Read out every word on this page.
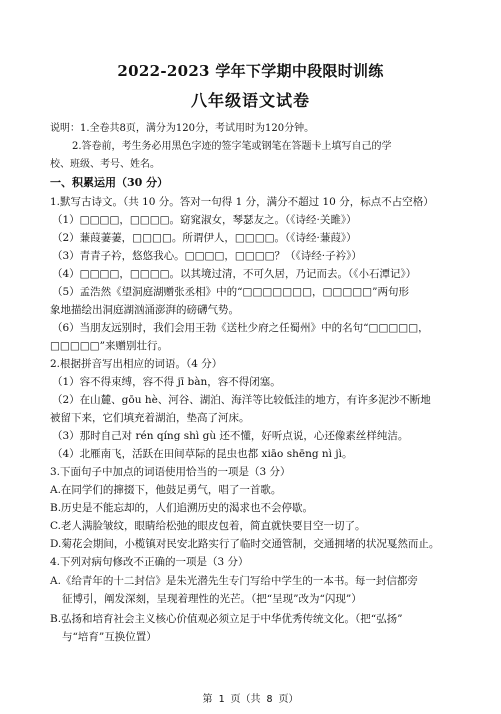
2022-2023 学年下学期中段限时训练
八年级语文试卷
说明：1.全卷共8页，满分为120分，考试用时为120分钟。
2.答卷前，考生务必用黑色字迹的签字笔或钢笔在答题卡上填写自己的学
校、班级、考号、姓名。
一、积累运用（30 分）
1.默写古诗文。（共 10 分。答对一句得 1 分，满分不超过 10 分，标点不占空格）
（1）□□□□，□□□□。窈窕淑女，琴瑟友之。（《诗经·关雎》）
（2）蒹葭萋萋，□□□□。所谓伊人，□□□□。（《诗经·蒹葭》）
（3）青青子衿，悠悠我心。□□□□，□□□□？（《诗经·子衿》）
（4）□□□□，□□□□。以其境过清，不可久居，乃记而去。（《小石潭记》）
（5）孟浩然《望洞庭湖赠张丞相》中的“□□□□□□□，□□□□□”两句形
象地描绘出洞庭湖汹涌澎湃的磅礴气势。
（6）当朋友远别时，我们会用王勃《送杜少府之任蜀州》中的名句“□□□□□，
□□□□□”来赠别壮行。
2.根据拼音写出相应的词语。（4 分）
（1）容不得束缚，容不得 jī bàn，容不得闭塞。
（2）在山麓、gōu hè、河谷、湖泊、海洋等比较低洼的地方，有许多泥沙不断地
被留下来，它们填充着湖泊，垫高了河床。
（3）那时自己对 rén qíng shì gù 还不懂，好听点说，心还像素丝样纯洁。
（4）北雁南飞，活跃在田间草际的昆虫也都 xiāo shēng nì jì。
3.下面句子中加点的词语使用恰当的一项是（3 分）
A.在同学们的撺掇下，他鼓足勇气，唱了一首歌。
B.历史是不能忘却的，人们追溯历史的渴求也不会停歇。
C.老人满脸皱纹，眼睛给松弛的眼皮包着，简直就快要目空一切了。
D.菊花会期间，小榄镇对民安北路实行了临时交通管制，交通拥堵的状况戛然而止。
4.下列对病句修改不正确的一项是（3 分）
A.《给青年的十二封信》是朱光潜先生专门写给中学生的一本书。每一封信都旁
征博引，阐发深刻，呈现着理性的光芒。（把“呈现”改为“闪现”）
B.弘扬和培育社会主义核心价值观必须立足于中华优秀传统文化。（把“弘扬”
与“培育”互换位置）
第 1 页（共 8 页）
